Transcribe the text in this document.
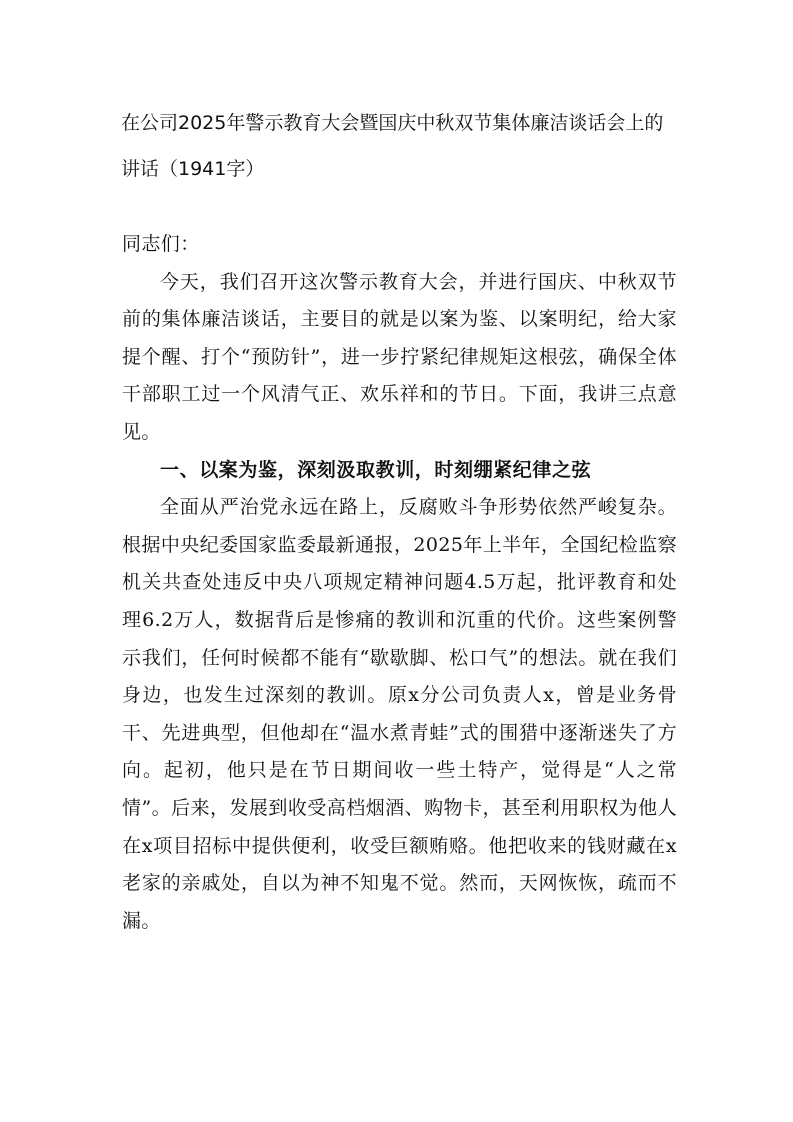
在公司2025年警示教育大会暨国庆中秋双节集体廉洁谈话会上的讲话（1941字）

同志们：

今天，我们召开这次警示教育大会，并进行国庆、中秋双节前的集体廉洁谈话，主要目的就是以案为鉴、以案明纪，给大家提个醒、打个“预防针”，进一步拧紧纪律规矩这根弦，确保全体干部职工过一个风清气正、欢乐祥和的节日。下面，我讲三点意见。

一、以案为鉴，深刻汲取教训，时刻绷紧纪律之弦

全面从严治党永远在路上，反腐败斗争形势依然严峻复杂。根据中央纪委国家监委最新通报，2025年上半年，全国纪检监察机关共查处违反中央八项规定精神问题4.5万起，批评教育和处理6.2万人，数据背后是惨痛的教训和沉重的代价。这些案例警示我们，任何时候都不能有“歇歇脚、松口气”的想法。就在我们身边，也发生过深刻的教训。原x分公司负责人x，曾是业务骨干、先进典型，但他却在“温水煮青蛙”式的围猎中逐渐迷失了方向。起初，他只是在节日期间收一些土特产，觉得是“人之常情”。后来，发展到收受高档烟酒、购物卡，甚至利用职权为他人在x项目招标中提供便利，收受巨额贿赂。他把收来的钱财藏在x老家的亲戚处，自以为神不知鬼不觉。然而，天网恢恢，疏而不漏。
